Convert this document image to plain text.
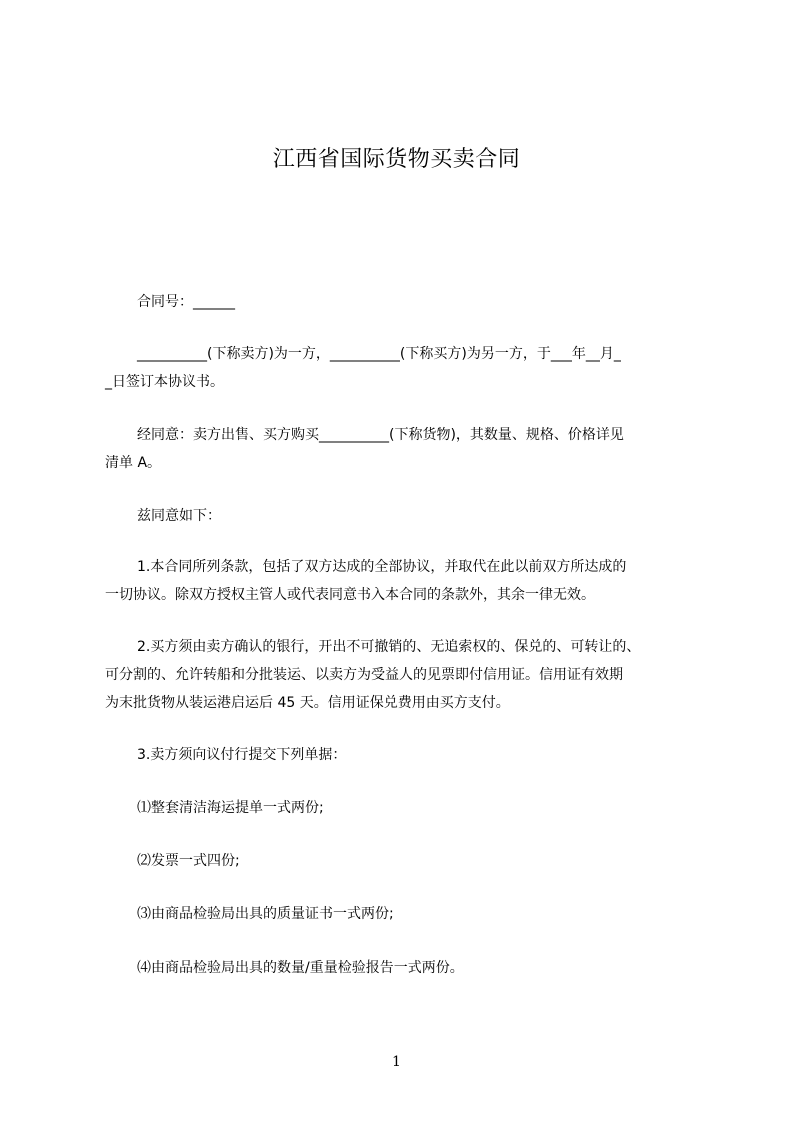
江西省国际货物买卖合同
合同号：______
__________(下称卖方)为一方，__________(下称买方)为另一方，于___年__月_
_日签订本协议书。
经同意：卖方出售、买方购买__________(下称货物)，其数量、规格、价格详见
清单 A。
兹同意如下：
1.本合同所列条款，包括了双方达成的全部协议，并取代在此以前双方所达成的
一切协议。除双方授权主管人或代表同意书入本合同的条款外，其余一律无效。
2.买方须由卖方确认的银行，开出不可撤销的、无追索权的、保兑的、可转让的、
可分割的、允许转船和分批装运、以卖方为受益人的见票即付信用证。信用证有效期
为末批货物从装运港启运后 45 天。信用证保兑费用由买方支付。
3.卖方须向议付行提交下列单据：
⑴整套清洁海运提单一式两份;
⑵发票一式四份;
⑶由商品检验局出具的质量证书一式两份;
⑷由商品检验局出具的数量/重量检验报告一式两份。
1
